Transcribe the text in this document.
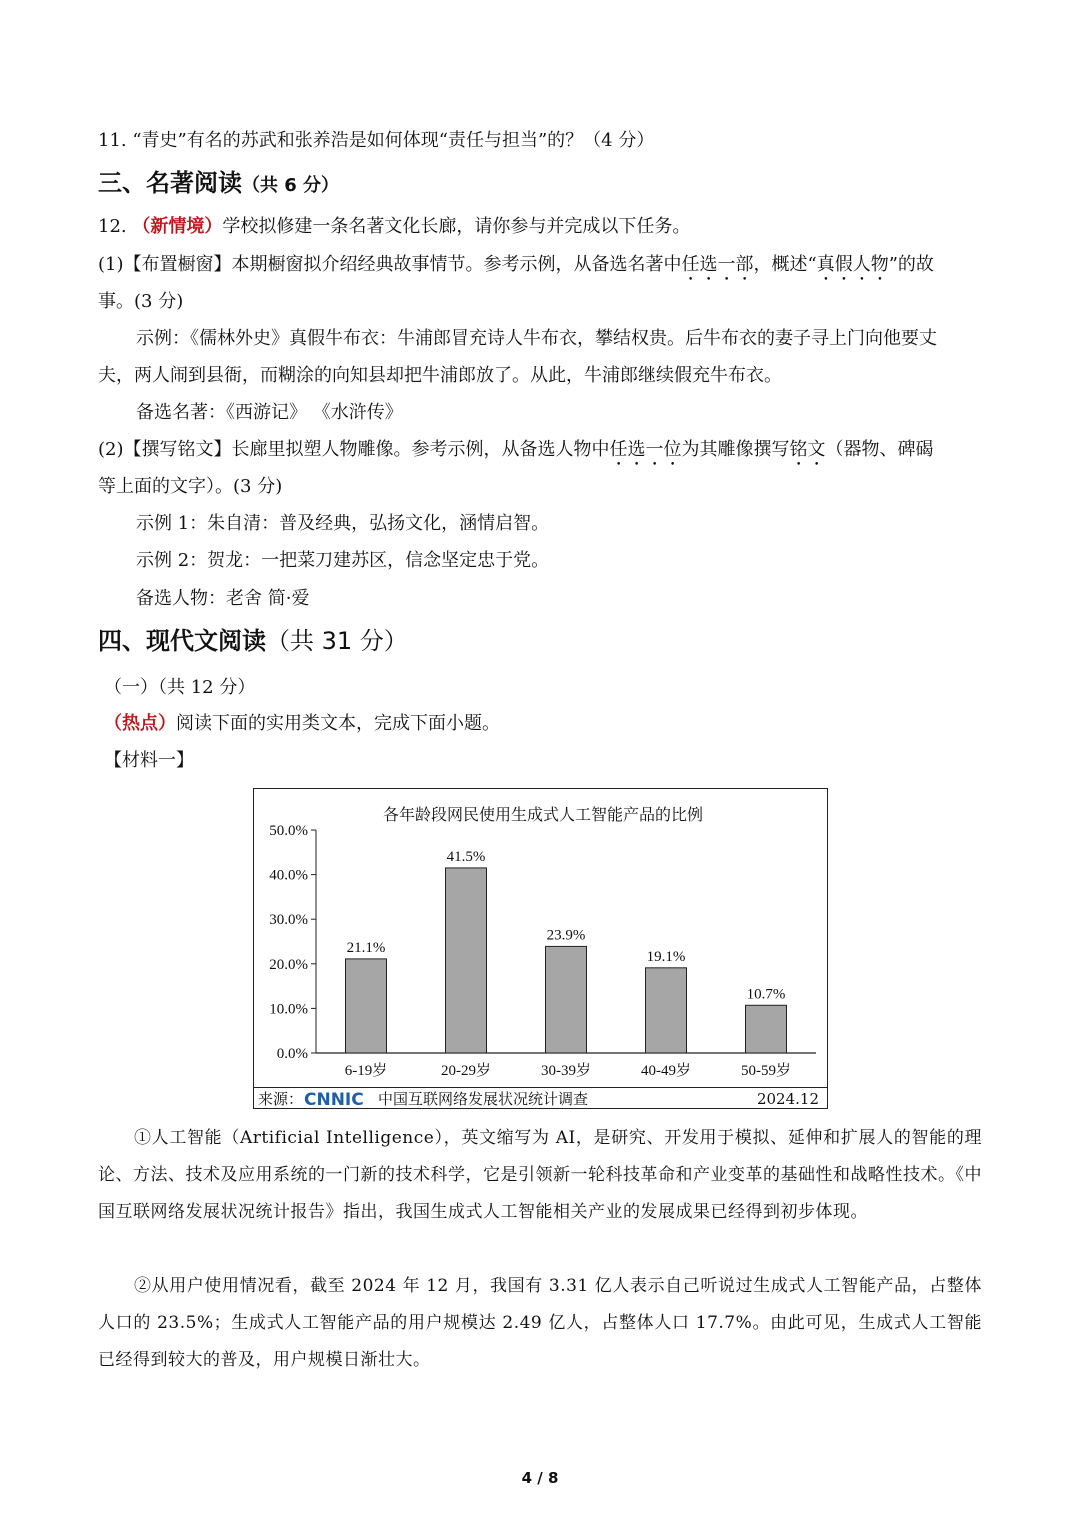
11. “青史”有名的苏武和张养浩是如何体现“责任与担当”的？（4 分）
三、名著阅读（共 6 分）
12. （新情境）学校拟修建一条名著文化长廊，请你参与并完成以下任务。
(1)【布置橱窗】本期橱窗拟介绍经典故事情节。参考示例，从备选名著中任选一部，概述“真假人物”的故
事。(3 分)
示例：《儒林外史》真假牛布衣：牛浦郎冒充诗人牛布衣，攀结权贵。后牛布衣的妻子寻上门向他要丈
夫，两人闹到县衙，而糊涂的向知县却把牛浦郎放了。从此，牛浦郎继续假充牛布衣。
备选名著：《西游记》 《水浒传》
(2)【撰写铭文】长廊里拟塑人物雕像。参考示例，从备选人物中任选一位为其雕像撰写铭文（器物、碑碣
等上面的文字）。(3 分)
示例 1：朱自清：普及经典，弘扬文化，涵情启智。
示例 2：贺龙：一把菜刀建苏区，信念坚定忠于党。
备选人物：老舍 简·爱
四、现代文阅读（共 31 分）
（一）（共 12 分）
（热点）阅读下面的实用类文本，完成下面小题。
【材料一】
各年龄段网民使用生成式人工智能产品的比例
0.0%
10.0%
20.0%
30.0%
40.0%
50.0%
21.1%
6-19岁
41.5%
20-29岁
23.9%
30-39岁
19.1%
40-49岁
10.7%
50-59岁
来源： CNNIC 中国互联网络发展状况统计调查	2024.12
①人工智能（Artificial Intelligence），英文缩写为 AI，是研究、开发用于模拟、延伸和扩展人的智能的理论、方法、技术及应用系统的一门新的技术科学，它是引领新一轮科技革命和产业变革的基础性和战略性技术。《中国互联网络发展状况统计报告》指出，我国生成式人工智能相关产业的发展成果已经得到初步体现。
②从用户使用情况看，截至 2024 年 12 月，我国有 3.31 亿人表示自己听说过生成式人工智能产品，占整体人口的 23.5%；生成式人工智能产品的用户规模达 2.49 亿人，占整体人口 17.7%。由此可见，生成式人工智能已经得到较大的普及，用户规模日渐壮大。
4 / 8
